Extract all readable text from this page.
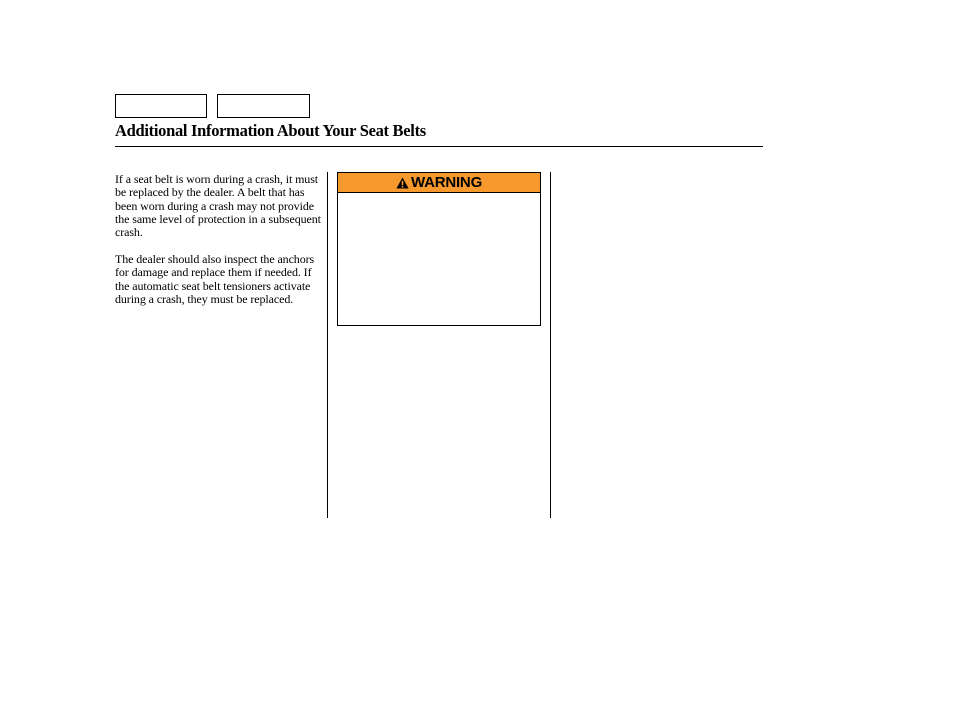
Additional Information About Your Seat Belts

If a seat belt is worn during a crash, it must be replaced by the dealer. A belt that has been worn during a crash may not provide the same level of protection in a subsequent crash.

The dealer should also inspect the anchors for damage and replace them if needed. If the automatic seat belt tensioners activate during a crash, they must be replaced.

WARNING
